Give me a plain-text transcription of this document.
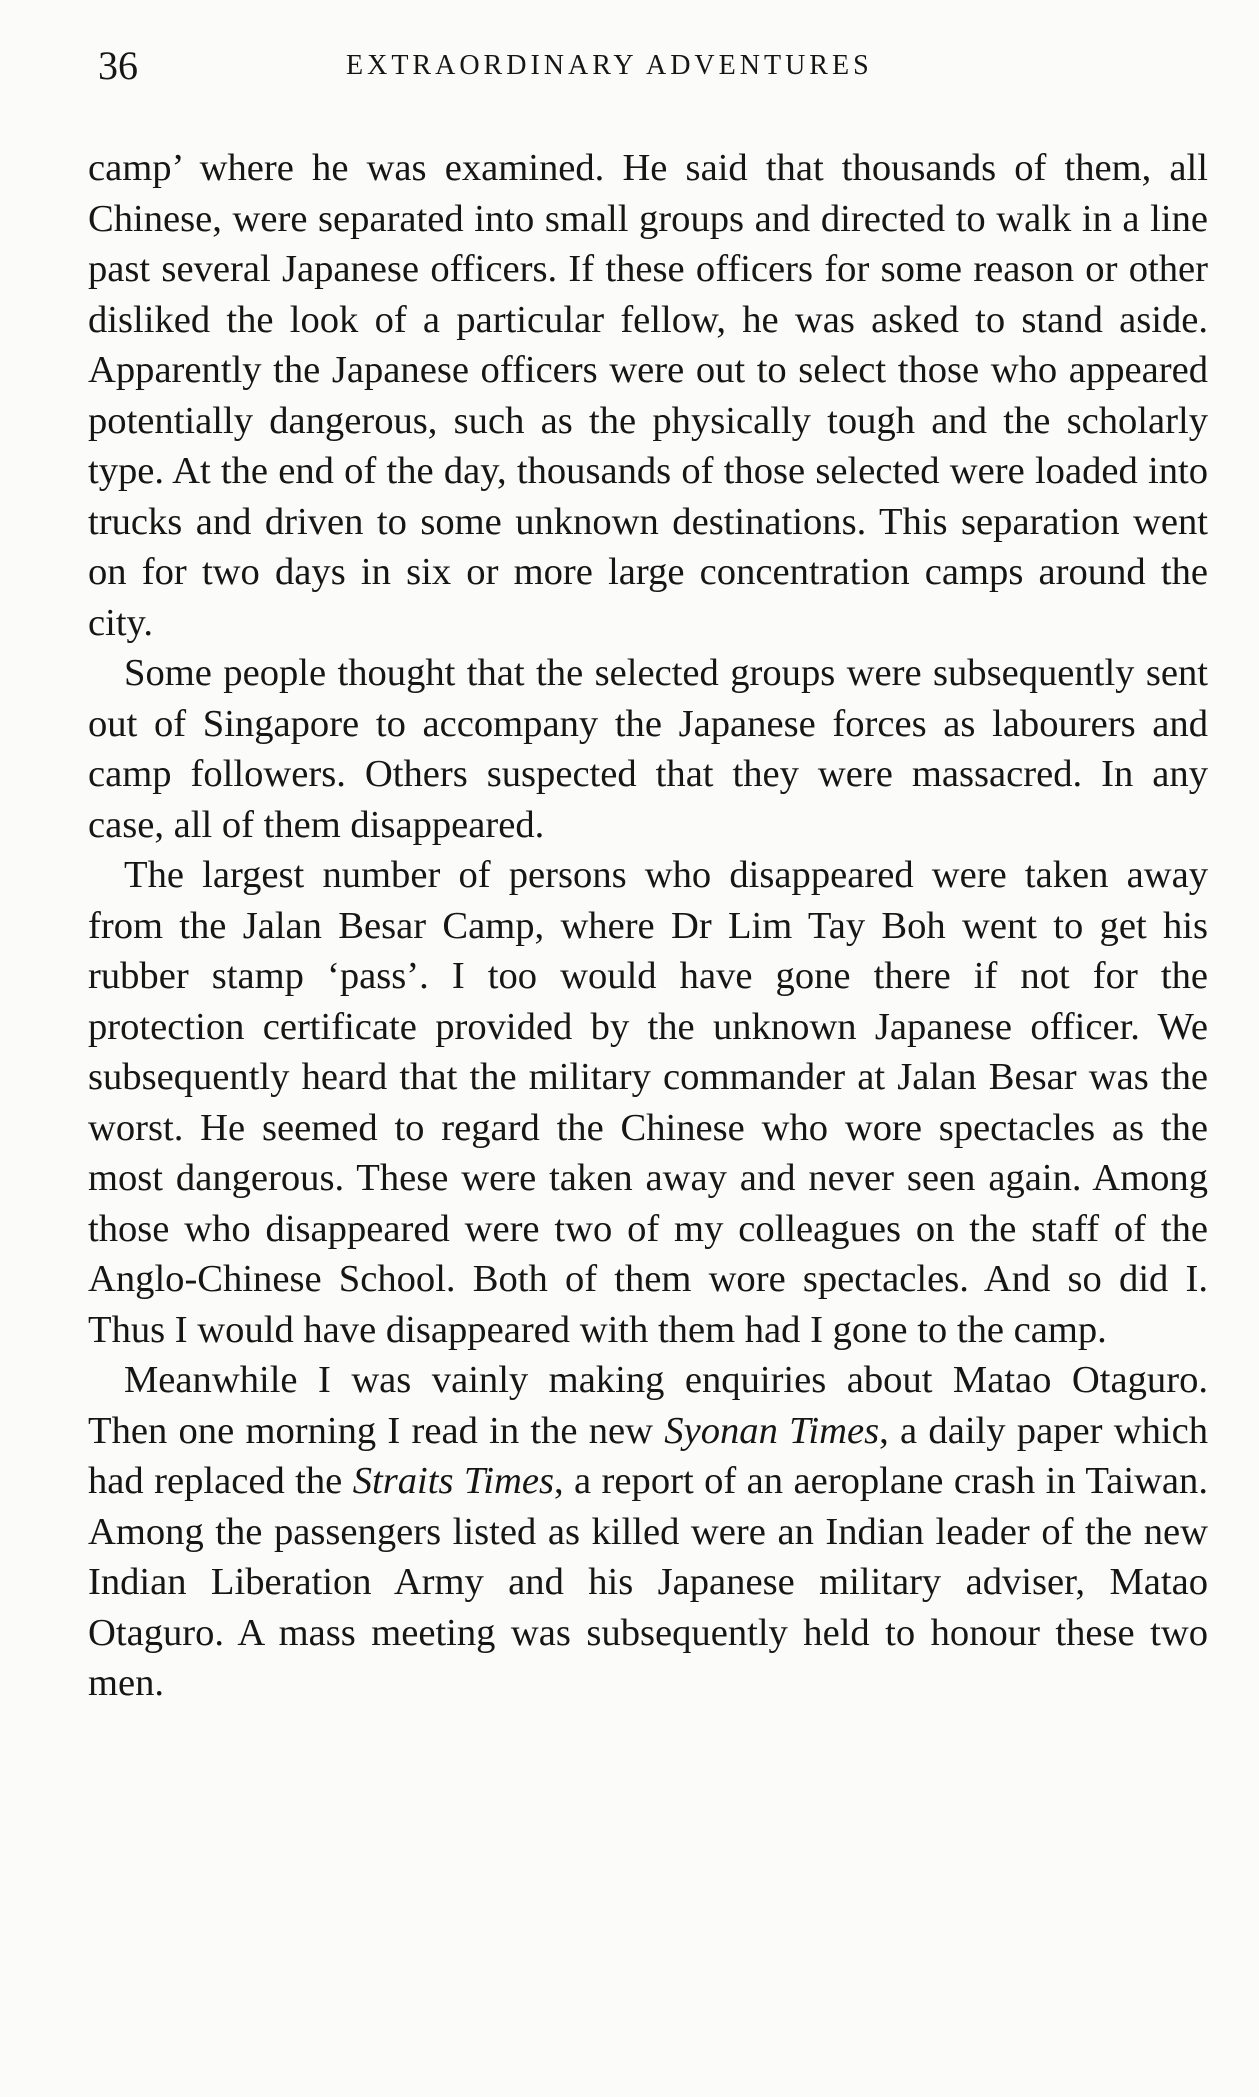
36	EXTRAORDINARY ADVENTURES

camp’ where he was examined. He said that thousands of them, all Chinese, were separated into small groups and directed to walk in a line past several Japanese officers. If these officers for some reason or other disliked the look of a particular fellow, he was asked to stand aside. Apparently the Japanese officers were out to select those who appeared potentially dangerous, such as the physically tough and the scholarly type. At the end of the day, thousands of those selected were loaded into trucks and driven to some unknown destinations. This separation went on for two days in six or more large concentration camps around the city.

Some people thought that the selected groups were subsequently sent out of Singapore to accompany the Japanese forces as labourers and camp followers. Others suspected that they were massacred. In any case, all of them disappeared.

The largest number of persons who disappeared were taken away from the Jalan Besar Camp, where Dr Lim Tay Boh went to get his rubber stamp ‘pass’. I too would have gone there if not for the protection certificate provided by the unknown Japanese officer. We subsequently heard that the military commander at Jalan Besar was the worst. He seemed to regard the Chinese who wore spectacles as the most dangerous. These were taken away and never seen again. Among those who disappeared were two of my colleagues on the staff of the Anglo-Chinese School. Both of them wore spectacles. And so did I. Thus I would have disappeared with them had I gone to the camp.

Meanwhile I was vainly making enquiries about Matao Otaguro. Then one morning I read in the new Syonan Times, a daily paper which had replaced the Straits Times, a report of an aeroplane crash in Taiwan. Among the passengers listed as killed were an Indian leader of the new Indian Liberation Army and his Japanese military adviser, Matao Otaguro. A mass meeting was subsequently held to honour these two men.
